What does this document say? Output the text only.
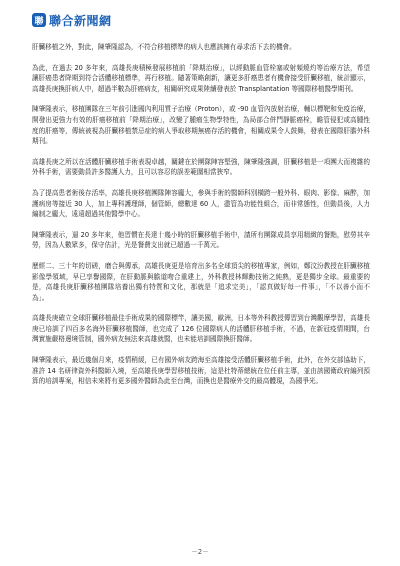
聯 聯合新聞網

肝臟移植之外，對此，陳肇隆認為，不符合移植標準的病人也應該擁有尋求活下去的機會。

為此，在過去 20 多年來，高雄長庚積極發展移植前「降期治療」，以經動脈血管栓塞或射頻燒灼等治療方法，希望讓肝癌患者降期到符合活體移植標準，再行移植。隨著策略創新，讓更多肝癌患者有機會接受肝臟移植，統計顯示，高雄長庚換肝病人中，超過半數為肝癌病友，相關研究成果陸續發表於 Transplantation 等國際移植醫學期刊。

陳肇隆表示，移植團隊在三年前引進國內利用質子治療（Proton），或 -90 血管內放射治療，輔以標靶和免疫治療，開發出更強力有效的肝癌移植前「降期治療」，改變了腫瘤生物學特性，為局部合併門靜脈癌栓，瞻管侵犯或高腫性度的肝癌等，傳統被視為肝臟移植禁忌症的病人爭取移期無癌存活的機會，相關成果令人鼓舞，發表在國際肝膽外科期刊。

高雄長庚之所以在活體肝臟移植手術表現卓越，關鍵在於團隊陣容堅強，陳肇隆強調，肝臟移植是一項團大而複雜的外科手術，需要動員許多醫護人力，且可以容忍的誤差範圍相當狹窄。

為了提高患者術後存活率，高雄長庚移植團隊陣容龐大，參與手術的醫師科別橫跨一般外科、眼肉、影像、麻醉，加護病房等接近 30 人，加上專科護理師，個管師，總數達 60 人，盡管為功能性組合，而非常態性，但動員後，人力編制之龐大，遠遠超過其他醫學中心。

陳肇隆表示，逼 20 多年來，他習慣在長達十幾小時的肝臟移植手術中，請所有團隊成員享用精緻的餐點，慰勞其辛勞，因為人數眾多，保守估計，光是餐費支出就已超過一千萬元。

歷經二、三十年的切磋，磨合與傳承，高雄長庚更是培育出多名全球頂尖的移植專家，例如，鄭汶汾教授在肝臟移植影像學領域，早已享譽國際，在肝動脈與膽道吻合重建上，外科教授林輝勳技術之純熟，更是獨步全球。最重要的是，高雄長庚肝臟移植團隊培養出獨有特質和文化，那就是「追求完美」，「認真做好每一件事」，「不以善小而不為」。

高雄長庚確立全球肝臟移植最佳手術成果的國際標竿，讓美國，歐洲，日本等外科教授傳習到台灣觀摩學習，高雄長庚已培訓了四百多名海外肝臟移植醫師，也完成了 126 位國際病人的活體肝移植手術，不過，在新冠疫情期間，台灣實施嚴格邊境管制，國外病友無法來高雄就醫，也未能培訓國際換肝醫師。

陳肇隆表示，最近幾個月來，疫情稍緩，已有國外病友跨海至高雄接受活體肝臟移植手術，此外，在外交部協助下，准許 14 名研律資外科醫師入境，至高雄長庚學習移植技術，這是杜特蒂總統在位任前主導，並由該國衛政府編列預算的培訓專案，相信未來將有更多國外醫師為此至台灣，而換也是醫療外交的最高體現，為國爭光。

－2－
